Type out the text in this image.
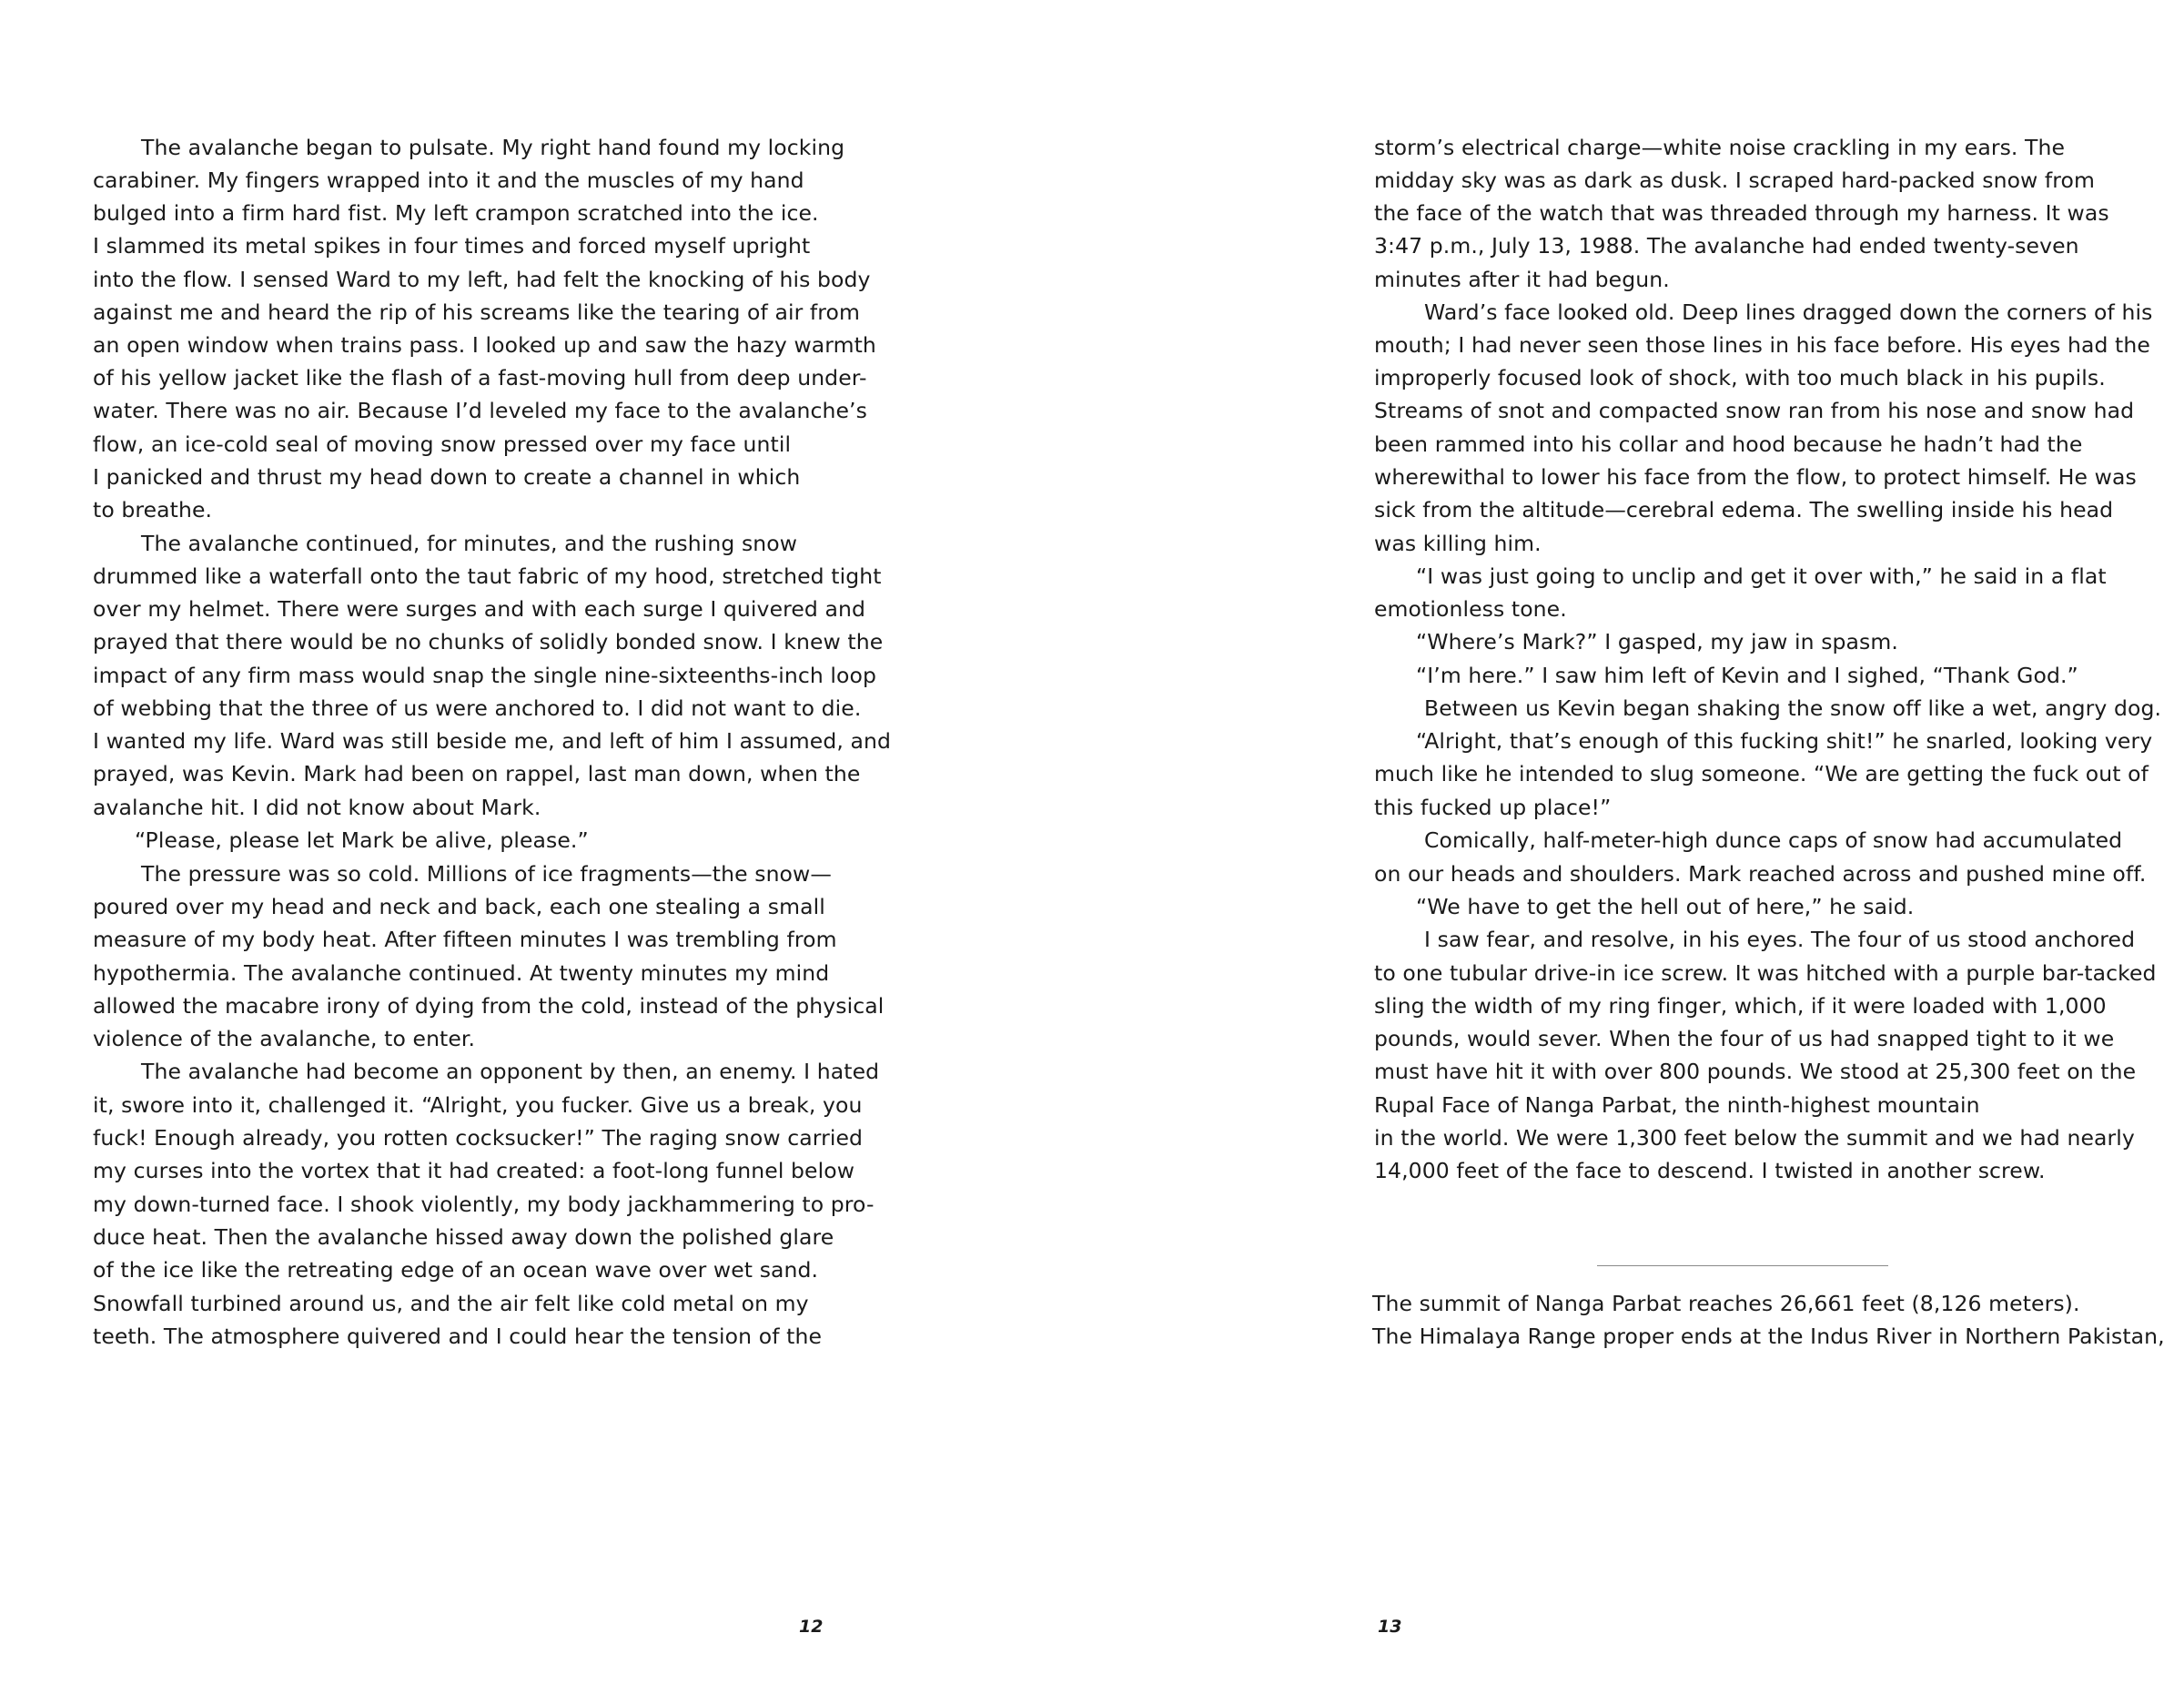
The avalanche began to pulsate. My right hand found my locking
carabiner. My fingers wrapped into it and the muscles of my hand
bulged into a firm hard fist. My left crampon scratched into the ice.
I slammed its metal spikes in four times and forced myself upright
into the flow. I sensed Ward to my left, had felt the knocking of his body
against me and heard the rip of his screams like the tearing of air from
an open window when trains pass. I looked up and saw the hazy warmth
of his yellow jacket like the flash of a fast-moving hull from deep under-
water. There was no air. Because I’d leveled my face to the avalanche’s
flow, an ice-cold seal of moving snow pressed over my face until
I panicked and thrust my head down to create a channel in which
to breathe.
The avalanche continued, for minutes, and the rushing snow
drummed like a waterfall onto the taut fabric of my hood, stretched tight
over my helmet. There were surges and with each surge I quivered and
prayed that there would be no chunks of solidly bonded snow. I knew the
impact of any firm mass would snap the single nine-sixteenths-inch loop
of webbing that the three of us were anchored to. I did not want to die.
I wanted my life. Ward was still beside me, and left of him I assumed, and
prayed, was Kevin. Mark had been on rappel, last man down, when the
avalanche hit. I did not know about Mark.
“Please, please let Mark be alive, please.”
The pressure was so cold. Millions of ice fragments—the snow—
poured over my head and neck and back, each one stealing a small
measure of my body heat. After fifteen minutes I was trembling from
hypothermia. The avalanche continued. At twenty minutes my mind
allowed the macabre irony of dying from the cold, instead of the physical
violence of the avalanche, to enter.
The avalanche had become an opponent by then, an enemy. I hated
it, swore into it, challenged it. “Alright, you fucker. Give us a break, you
fuck! Enough already, you rotten cocksucker!” The raging snow carried
my curses into the vortex that it had created: a foot-long funnel below
my down-turned face. I shook violently, my body jackhammering to pro-
duce heat. Then the avalanche hissed away down the polished glare
of the ice like the retreating edge of an ocean wave over wet sand.
Snowfall turbined around us, and the air felt like cold metal on my
teeth. The atmosphere quivered and I could hear the tension of the
12	13
storm’s electrical charge—white noise crackling in my ears. The
midday sky was as dark as dusk. I scraped hard-packed snow from
the face of the watch that was threaded through my harness. It was
3:47 p.m., July 13, 1988. The avalanche had ended twenty-seven
minutes after it had begun.
Ward’s face looked old. Deep lines dragged down the corners of his
mouth; I had never seen those lines in his face before. His eyes had the
improperly focused look of shock, with too much black in his pupils.
Streams of snot and compacted snow ran from his nose and snow had
been rammed into his collar and hood because he hadn’t had the
wherewithal to lower his face from the flow, to protect himself. He was
sick from the altitude—cerebral edema. The swelling inside his head
was killing him.
“I was just going to unclip and get it over with,” he said in a flat
emotionless tone.
“Where’s Mark?” I gasped, my jaw in spasm.
“I’m here.” I saw him left of Kevin and I sighed, “Thank God.”
Between us Kevin began shaking the snow off like a wet, angry dog.
“Alright, that’s enough of this fucking shit!” he snarled, looking very
much like he intended to slug someone. “We are getting the fuck out of
this fucked up place!”
Comically, half-meter-high dunce caps of snow had accumulated
on our heads and shoulders. Mark reached across and pushed mine off.
“We have to get the hell out of here,” he said.
I saw fear, and resolve, in his eyes. The four of us stood anchored
to one tubular drive-in ice screw. It was hitched with a purple bar-tacked
sling the width of my ring finger, which, if it were loaded with 1,000
pounds, would sever. When the four of us had snapped tight to it we
must have hit it with over 800 pounds. We stood at 25,300 feet on the
Rupal Face of Nanga Parbat, the ninth-highest mountain
in the world. We were 1,300 feet below the summit and we had nearly
14,000 feet of the face to descend. I twisted in another screw.
The summit of Nanga Parbat reaches 26,661 feet (8,126 meters).
The Himalaya Range proper ends at the Indus River in Northern Pakistan,
